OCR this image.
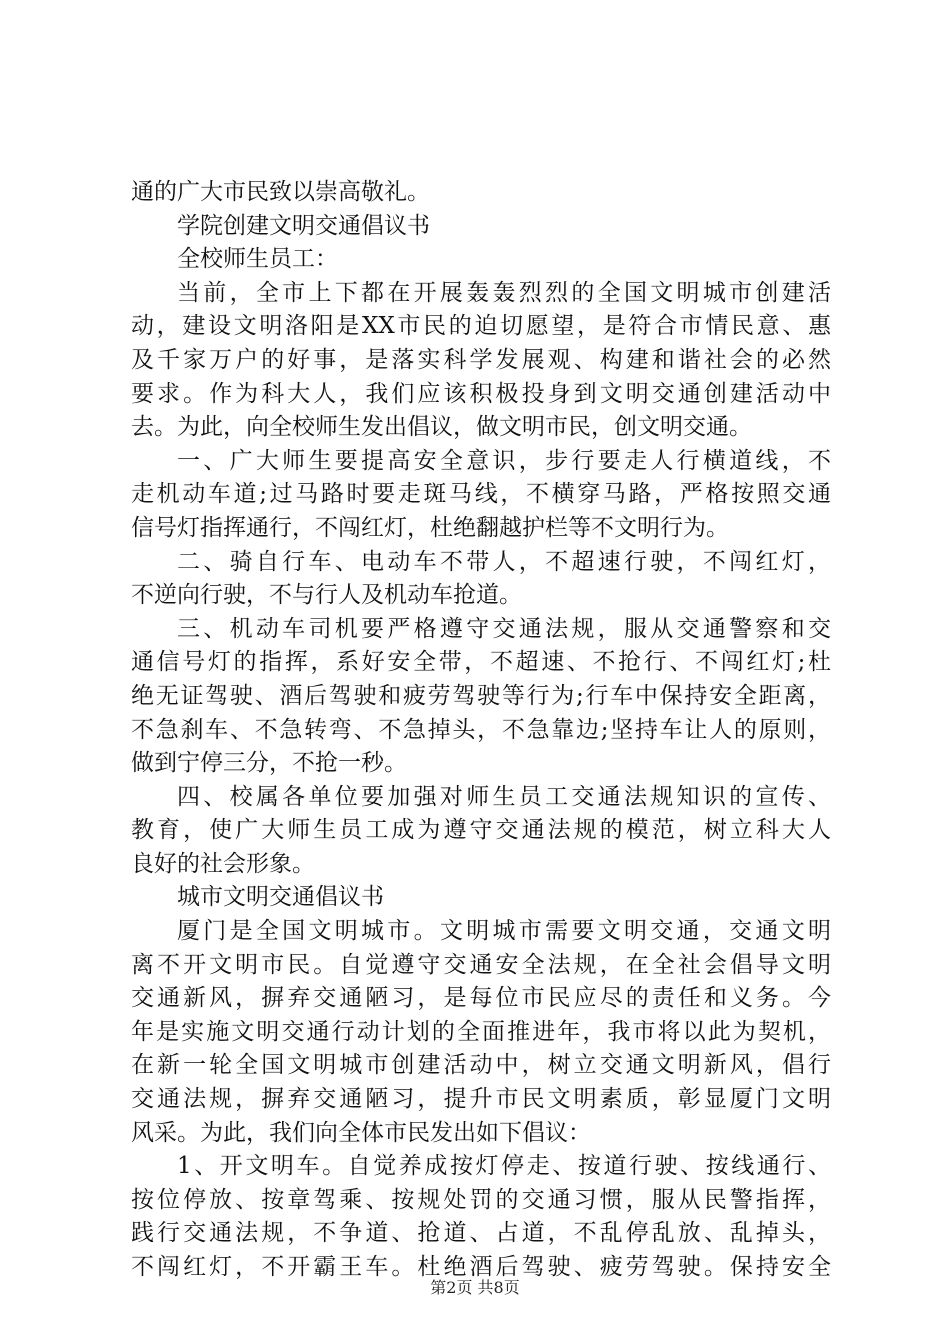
通的广大市民致以崇高敬礼。
学院创建文明交通倡议书
全校师生员工：
当前，全市上下都在开展轰轰烈烈的全国文明城市创建活
动，建设文明洛阳是XX市民的迫切愿望，是符合市情民意、惠
及千家万户的好事，是落实科学发展观、构建和谐社会的必然
要求。作为科大人，我们应该积极投身到文明交通创建活动中
去。为此，向全校师生发出倡议，做文明市民，创文明交通。
一、广大师生要提高安全意识，步行要走人行横道线，不
走机动车道;过马路时要走斑马线，不横穿马路，严格按照交通
信号灯指挥通行，不闯红灯，杜绝翻越护栏等不文明行为。
二、骑自行车、电动车不带人，不超速行驶，不闯红灯，
不逆向行驶，不与行人及机动车抢道。
三、机动车司机要严格遵守交通法规，服从交通警察和交
通信号灯的指挥，系好安全带，不超速、不抢行、不闯红灯;杜
绝无证驾驶、酒后驾驶和疲劳驾驶等行为;行车中保持安全距离，
不急刹车、不急转弯、不急掉头，不急靠边;坚持车让人的原则，
做到宁停三分，不抢一秒。
四、校属各单位要加强对师生员工交通法规知识的宣传、
教育，使广大师生员工成为遵守交通法规的模范，树立科大人
良好的社会形象。
城市文明交通倡议书
厦门是全国文明城市。文明城市需要文明交通，交通文明
离不开文明市民。自觉遵守交通安全法规，在全社会倡导文明
交通新风，摒弃交通陋习，是每位市民应尽的责任和义务。今
年是实施文明交通行动计划的全面推进年，我市将以此为契机，
在新一轮全国文明城市创建活动中，树立交通文明新风，倡行
交通法规，摒弃交通陋习，提升市民文明素质，彰显厦门文明
风采。为此，我们向全体市民发出如下倡议：
1、开文明车。自觉养成按灯停走、按道行驶、按线通行、
按位停放、按章驾乘、按规处罚的交通习惯，服从民警指挥，
践行交通法规，不争道、抢道、占道，不乱停乱放、乱掉头，
不闯红灯，不开霸王车。杜绝酒后驾驶、疲劳驾驶。保持安全
第2页 共8页
